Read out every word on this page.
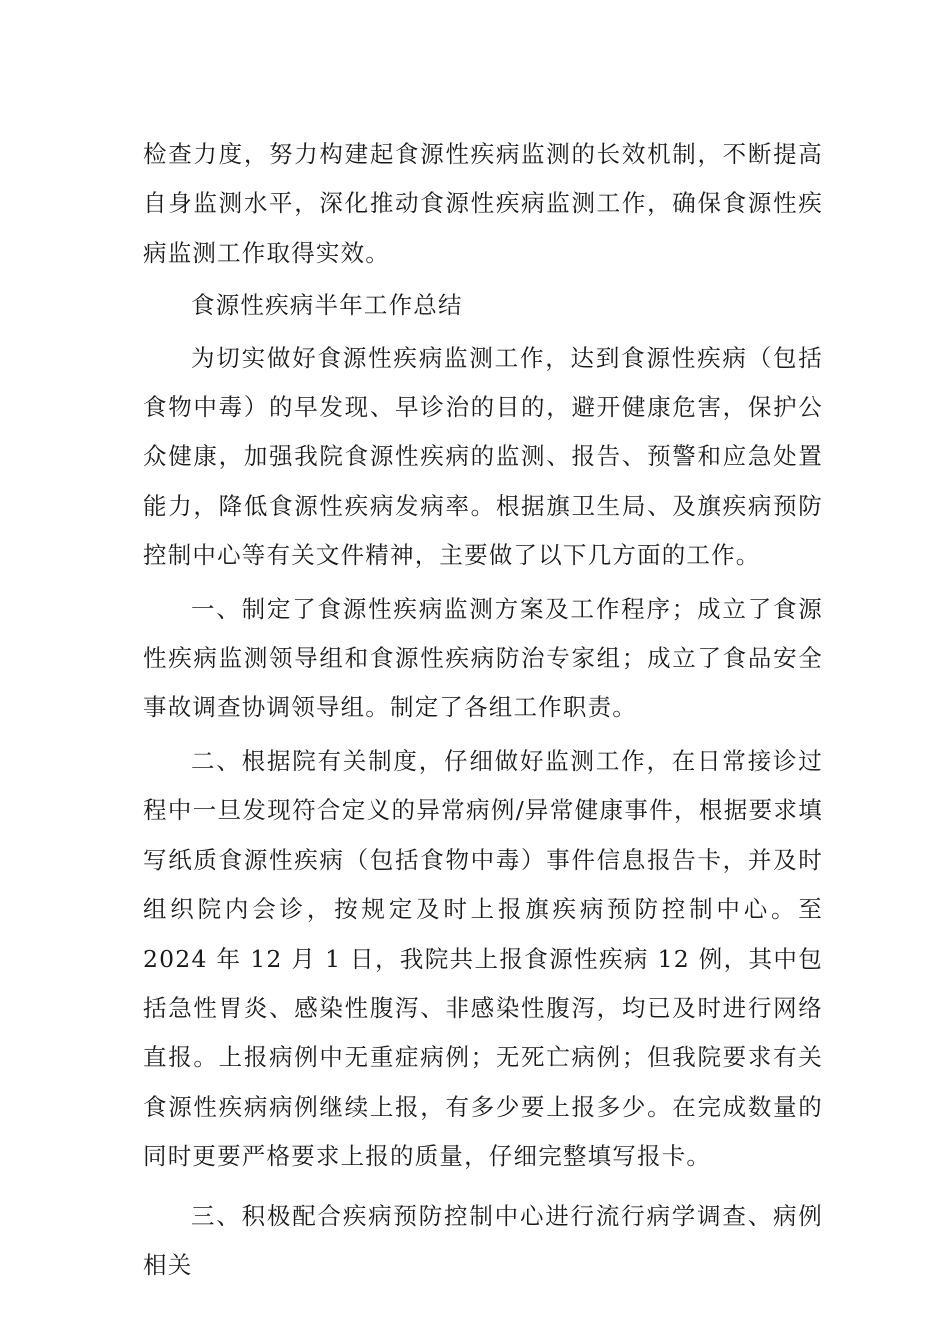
检查力度，努力构建起食源性疾病监测的长效机制，不断提高自身监测水平，深化推动食源性疾病监测工作，确保食源性疾病监测工作取得实效。

食源性疾病半年工作总结

为切实做好食源性疾病监测工作，达到食源性疾病（包括食物中毒）的早发现、早诊治的目的，避开健康危害，保护公众健康，加强我院食源性疾病的监测、报告、预警和应急处置能力，降低食源性疾病发病率。根据旗卫生局、及旗疾病预防控制中心等有关文件精神，主要做了以下几方面的工作。

一、制定了食源性疾病监测方案及工作程序；成立了食源性疾病监测领导组和食源性疾病防治专家组；成立了食品安全事故调查协调领导组。制定了各组工作职责。

二、根据院有关制度，仔细做好监测工作，在日常接诊过程中一旦发现符合定义的异常病例/异常健康事件，根据要求填写纸质食源性疾病（包括食物中毒）事件信息报告卡，并及时组织院内会诊，按规定及时上报旗疾病预防控制中心。至 2024 年 12 月 1 日，我院共上报食源性疾病 12 例，其中包括急性胃炎、感染性腹泻、非感染性腹泻，均已及时进行网络直报。上报病例中无重症病例；无死亡病例；但我院要求有关食源性疾病病例继续上报，有多少要上报多少。在完成数量的同时更要严格要求上报的质量，仔细完整填写报卡。

三、积极配合疾病预防控制中心进行流行病学调查、病例相关
